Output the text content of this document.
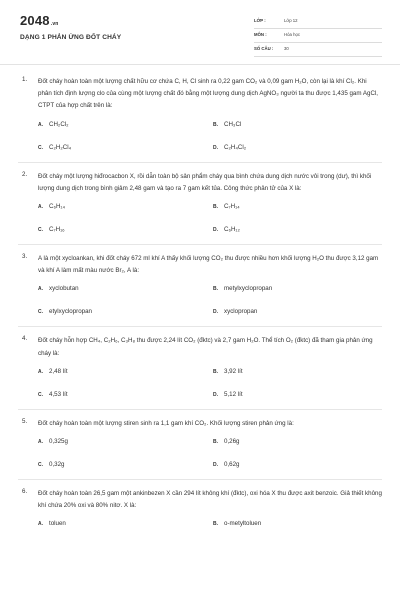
2048.vn
DẠNG 1 PHẢN ỨNG ĐỐT CHÁY
LỚP :	Lớp 12
MÔN :	Hóa học
SỐ CÂU : 30
1. Đốt cháy hoàn toàn một lượng chất hữu cơ chứa C, H, Cl sinh ra 0,22 gam CO₂ và 0,09 gam H₂O, còn lại là khí Cl₂. Khi phân tích định lượng clo của cùng một lượng chất đó bằng một lượng dung dịch AgNO₃ người ta thu được 1,435 gam AgCl, CTPT của hợp chất trên là:
A. CH₂Cl₂	B. CH₃Cl
C. C₂H₂Cl₄	D. C₂H₄Cl₂
2. Đốt cháy một lượng hiđrocacbon X, rồi dẫn toàn bộ sản phẩm cháy qua bình chứa dung dịch nước vôi trong (dư), thì khối lượng dung dịch trong bình giảm 2,48 gam và tạo ra 7 gam kết tủa. Công thức phân tử của X là:
A. C₆H₁₄	B. C₇H₁₄
C. C₇H₁₆	D. C₆H₁₂
3. A là một xycloankan, khi đốt cháy 672 ml khí A thấy khối lượng CO₂ thu được nhiều hơn khối lượng H₂O thu được 3,12 gam và khí A làm mất màu nước Br₂, A là:
A. xyclobutan	B. metylxyclopropan
C. etylxyclopropan	D. xyclopropan
4. Đốt cháy hỗn hợp CH₄, C₂H₆, C₃H₈ thu được 2,24 lít CO₂ (đktc) và 2,7 gam H₂O. Thể tích O₂ (đktc) đã tham gia phản ứng cháy là:
A. 2,48 lít	B. 3,92 lít
C. 4,53 lít	D. 5,12 lít
5. Đốt cháy hoàn toàn một lượng stiren sinh ra 1,1 gam khí CO₂. Khối lượng stiren phản ứng là:
A. 0,325g	B. 0,26g
C. 0,32g	D. 0,62g
6. Đốt cháy hoàn toàn 26,5 gam một ankinbezen X cần 294 lít không khí (đktc), oxi hóa X thu được axit benzoic. Giả thiết không khí chứa 20% oxi và 80% nitơ. X là:
A. toluen	B. o-metyltoluen
